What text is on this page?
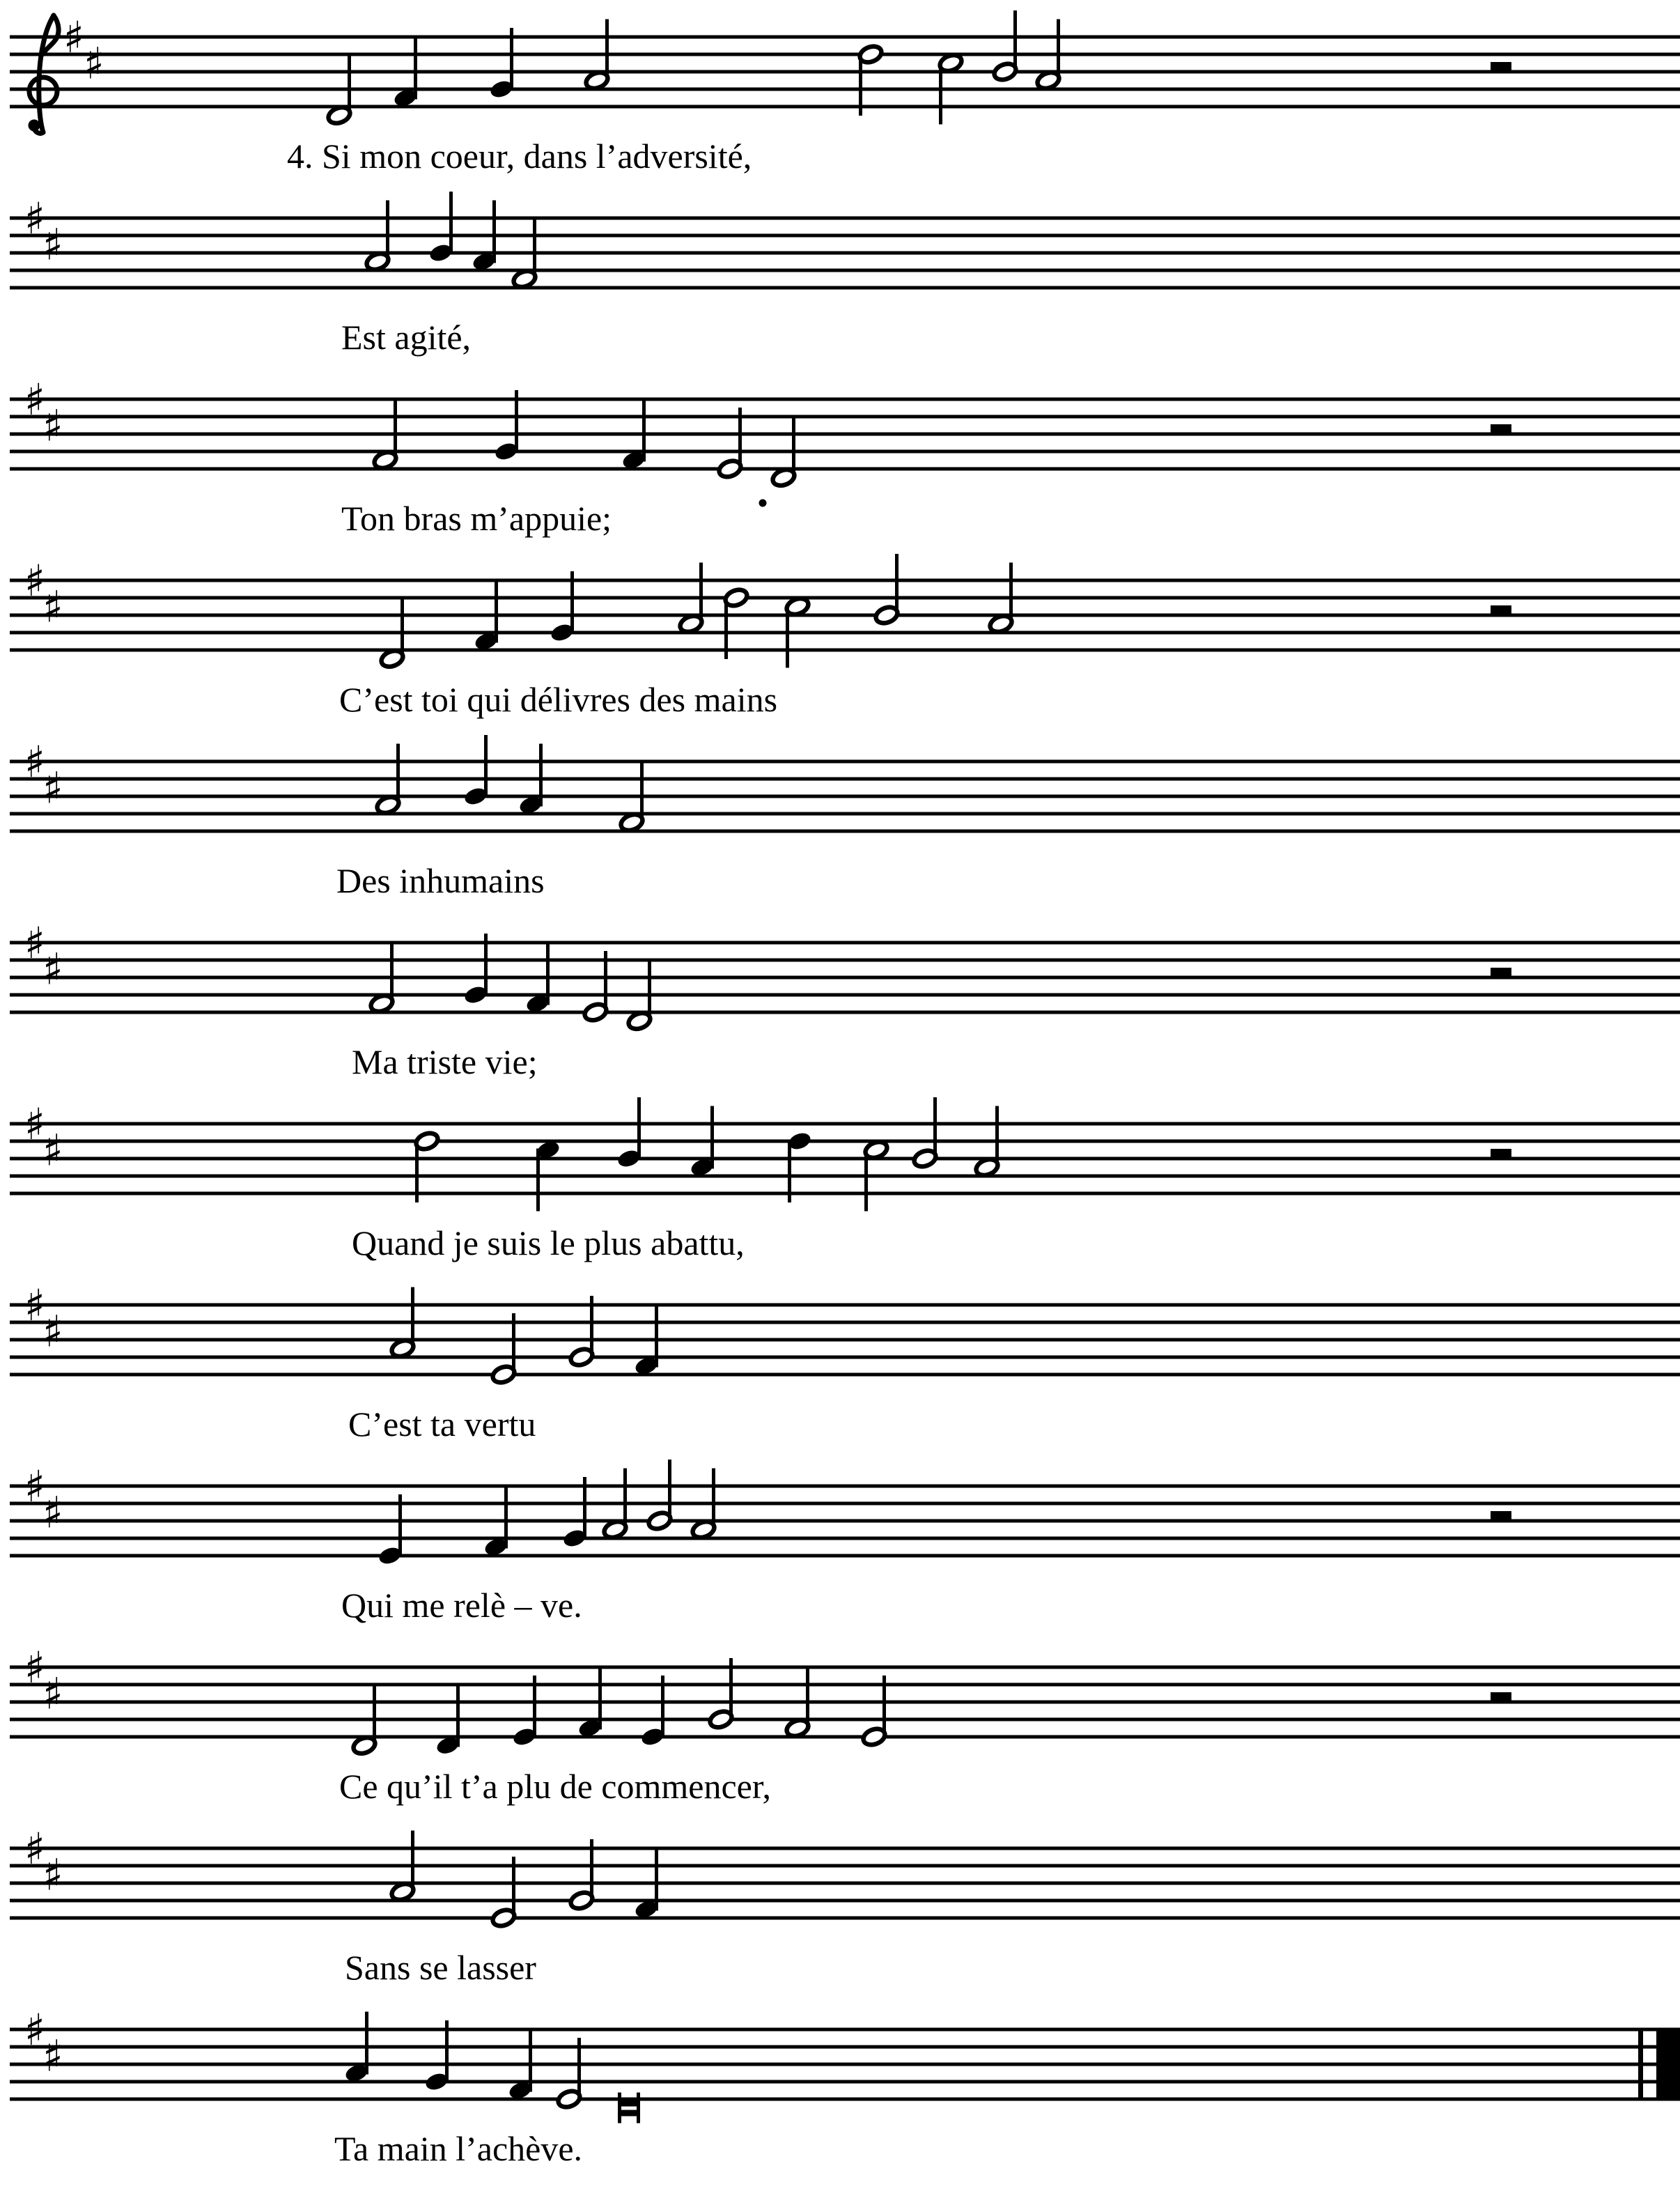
♯
♯
♯
♯
♯
♯
♯
♯
♯
♯
♯
♯
♯
♯
♯
♯
♯
♯
♯
♯
♯
♯
♯
♯
4. Si mon coeur, dans l’adversité,
Est agité,
Ton bras m’appuie;
C’est toi qui délivres des mains
Des inhumains
Ma triste vie;
Quand je suis le plus abattu,
C’est ta vertu
Qui me relè – ve.
Ce qu’il t’a plu de commencer,
Sans se lasser
Ta main l’achève.
